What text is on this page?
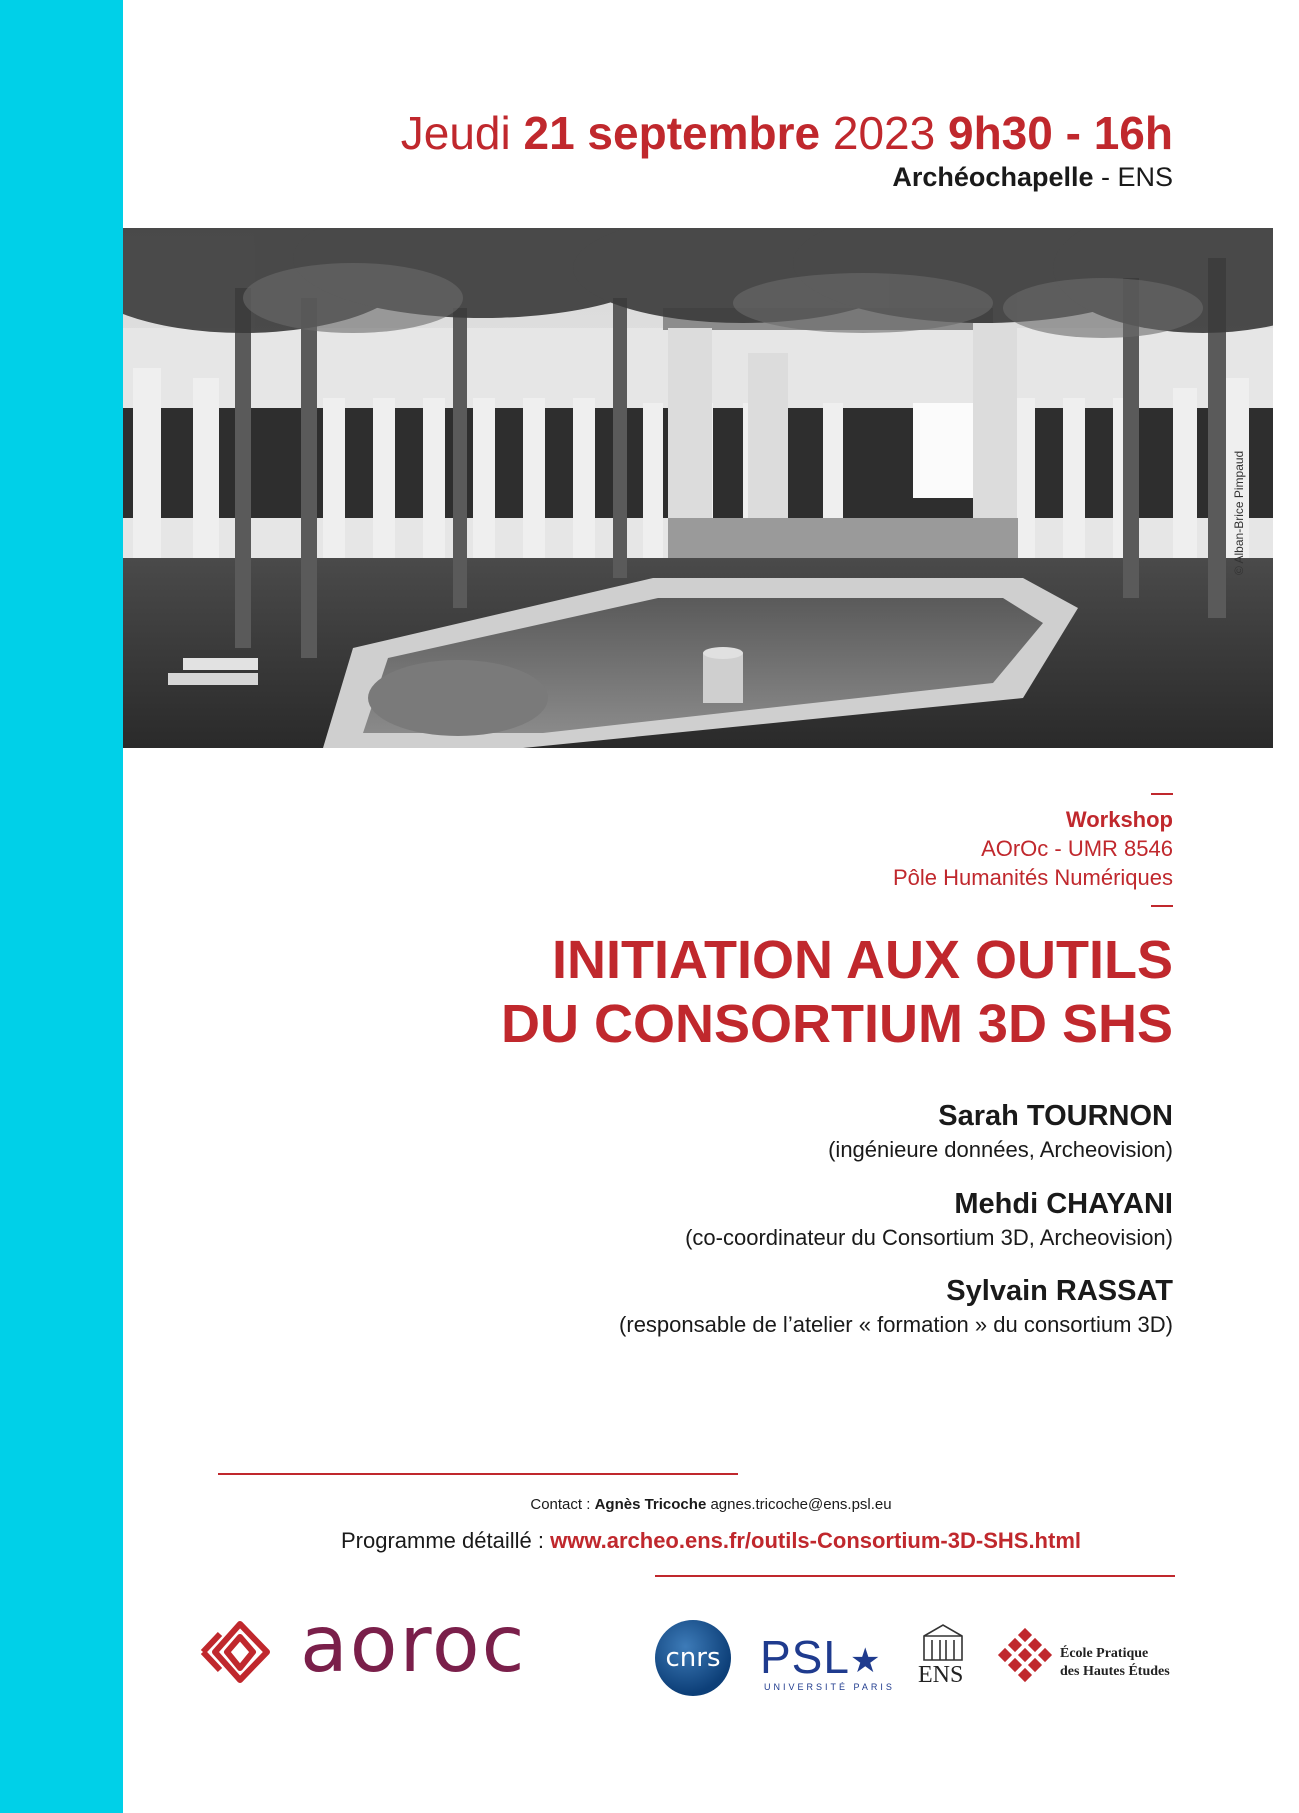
Jeudi 21 septembre 2023 9h30 - 16h
Archéochapelle - ENS
© Alban-Brice Pimpaud
Workshop
AOrOc - UMR 8546
Pôle Humanités Numériques
INITIATION AUX OUTILS
DU CONSORTIUM 3D SHS
Sarah TOURNON
(ingénieure données, Archeovision)
Mehdi CHAYANI
(co-coordinateur du Consortium 3D, Archeovision)
Sylvain RASSAT
(responsable de l’atelier « formation » du consortium 3D)
Contact : Agnès Tricoche agnes.tricoche@ens.psl.eu
Programme détaillé : www.archeo.ens.fr/outils-Consortium-3D-SHS.html
aoroc	cnrs PSL★
UNIVERSITÉ PARIS ENS
École Pratique
des Hautes Études
